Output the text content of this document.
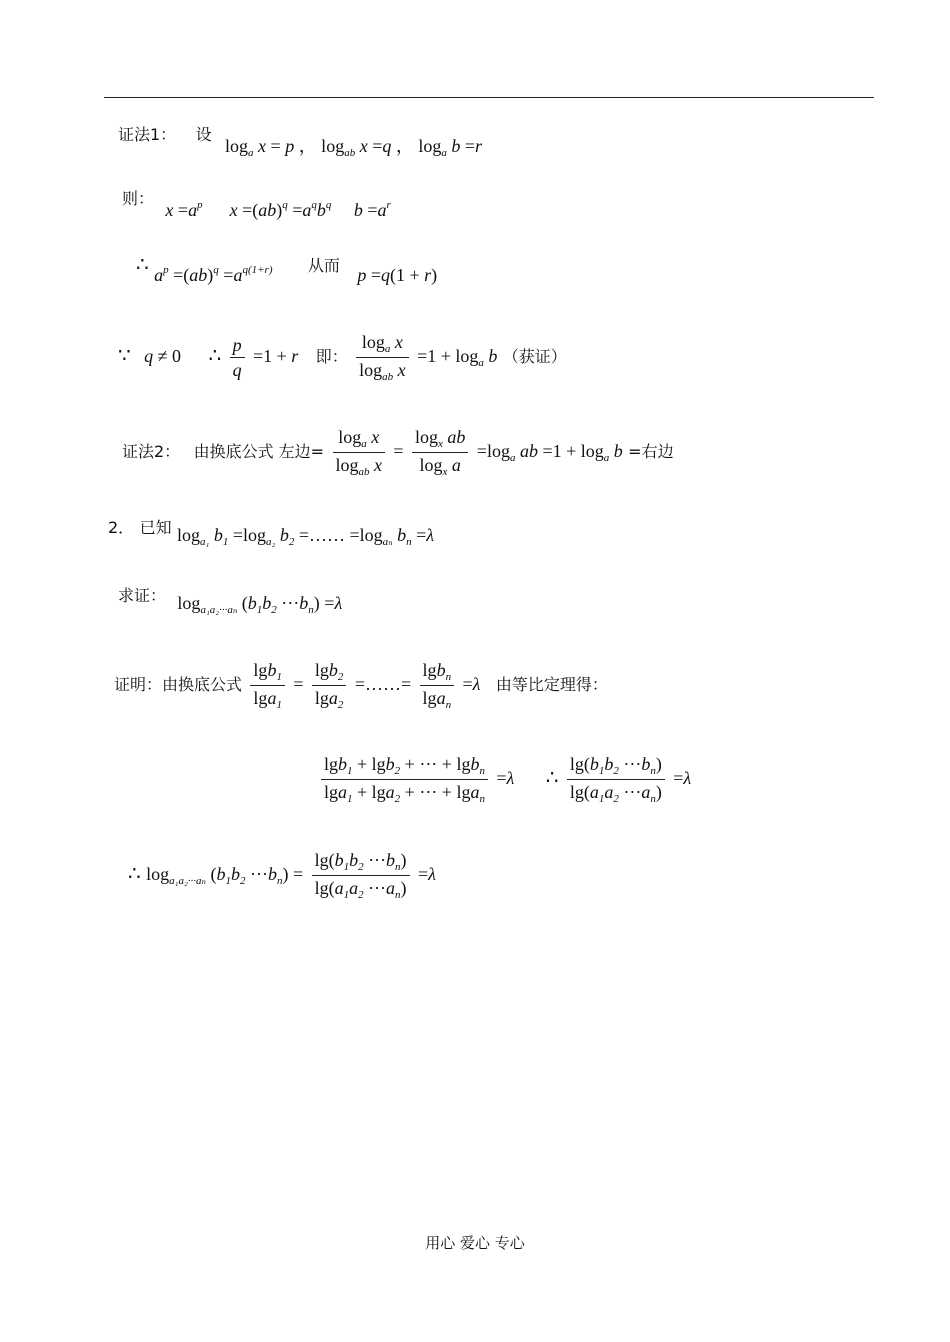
证法1： 设 $\log_a x = p$ ， $\log_{ab} x =q$ ， $\log_a b =r$
则： $x =a^p$ $x =(ab)^q =a^qb^q$ $b =a^r$
∴ $a^p =(ab)^q =a^{q(1+r)}$ 从而 p =q(1 + r)
∵ q ≠ 0 ∴ $\frac{p}{q} =1 + r$ 即： $\frac{\log_a x}{\log_{ab} x} =1 + \log_a b$ （获证）
证法2： 由换底公式 左边= $\frac{\log_a x}{\log_{ab} x} = \frac{\log_x ab}{\log_x a} =\log_a$ ab $=1 + \log_a b$ =右边
2． 已知 $\log_{a_1} b_1 =\log_{a_2}$ $b_2$ =…… $=\log_{a_n}$ $b_n =\lambda$
求证： $\log_{a_1a_2\cdot\cdot\cdot a_n} (b_1b_2 \cdot\cdot\cdot b_n) =\lambda$
证明：由换底公式 $\frac{\lg b_1}{\lg a_1} = \frac{\lg b_2}{\lg a_2}$ =……= $\frac{\lg b_n}{\lg a_n} =\lambda$ 由等比定理得：
$\frac{\lg b_1 + \lg b_2 + \cdot\cdot\cdot + \lg b_n}{\lg a_1 + \lg a_2 + \cdot\cdot\cdot + \lg a_n} =\lambda$ ∴ $\frac{\lg(b_1b_2 \cdot\cdot\cdot b_n)}{\lg(a_1a_2 \cdot\cdot\cdot a_n)} =\lambda$
∴ $\log_{a_1a_2\cdot\cdot\cdot a_n} (b_1b_2 \cdot\cdot\cdot b_n) = \frac{\lg(b_1b_2 \cdot\cdot\cdot b_n)}{\lg(a_1a_2 \cdot\cdot\cdot a_n)} =\lambda$
用心 爱心 专心
